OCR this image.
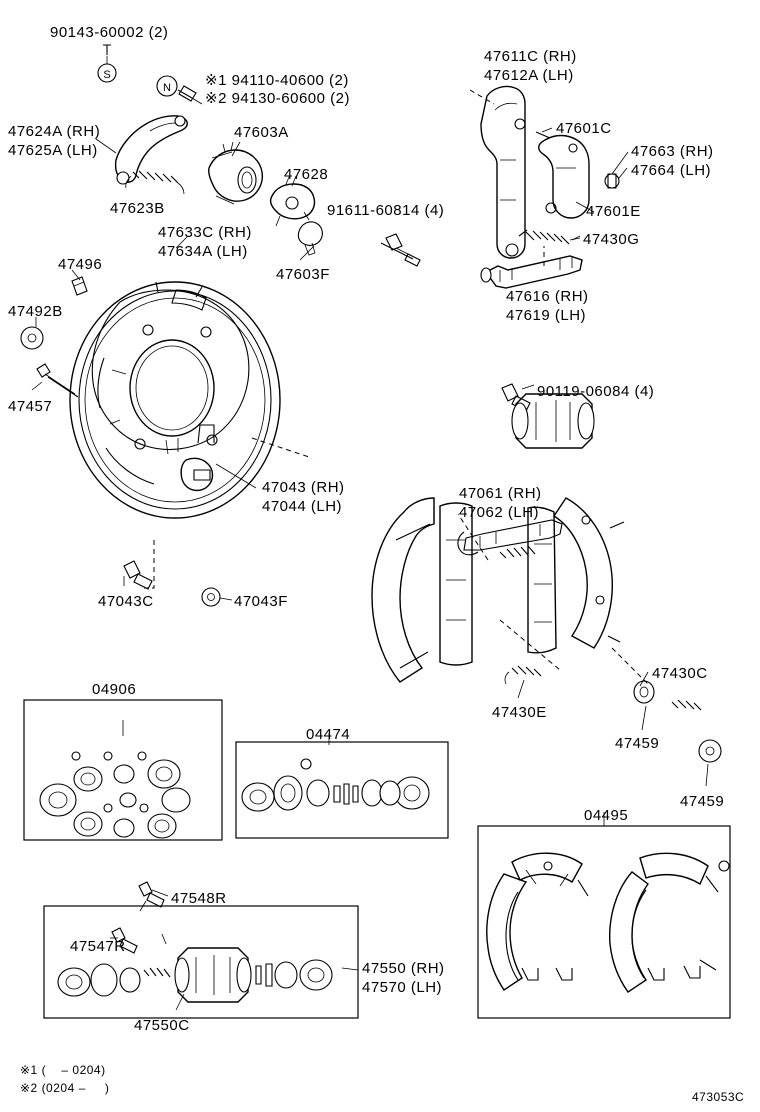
S
N
90143-60002 (2)
※1 94110-40600 (2)
※2 94130-60600 (2)
47624A (RH)
47625A (LH)
47603A
47628
47623B
47633C (RH)
47634A (LH)
91611-60814 (4)
47603F
47496
47492B
47457
47043 (RH)
47044 (LH)
47043C	47043F
47611C (RH)
47612A (LH)
47601C
47663 (RH)
47664 (LH)
47601E
47430G
47616 (RH)
47619 (LH)
90119-06084 (4)
47061 (RH)
47062 (LH)
47430E
47430C
47459
47459
04906
04474
04495
47548R
47547R
47550 (RH)
47570 (LH)
47550C
※1 (    – 0204)
※2 (0204 –     )
473053C
